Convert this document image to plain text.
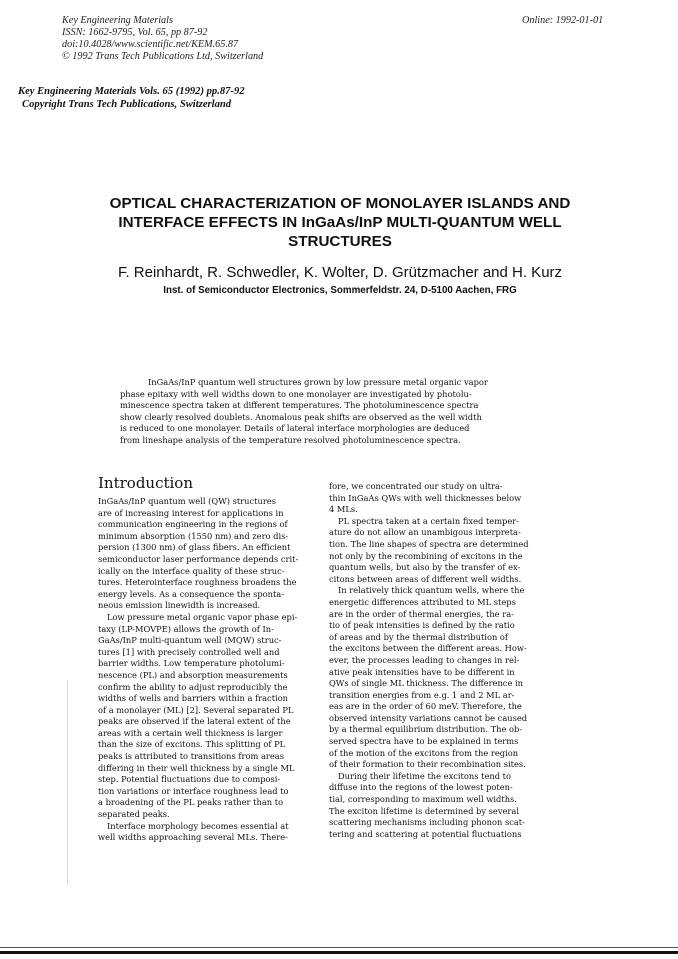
Key Engineering Materials
ISSN: 1662-9795, Vol. 65, pp 87-92
doi:10.4028/www.scientific.net/KEM.65.87
© 1992 Trans Tech Publications Ltd, Switzerland
Online: 1992-01-01
Key Engineering Materials Vols. 65 (1992) pp.87-92
Copyright Trans Tech Publications, Switzerland
OPTICAL CHARACTERIZATION OF MONOLAYER ISLANDS AND
INTERFACE EFFECTS IN InGaAs/InP MULTI-QUANTUM WELL
STRUCTURES
F. Reinhardt, R. Schwedler, K. Wolter, D. Grützmacher and H. Kurz
Inst. of Semiconductor Electronics, Sommerfeldstr. 24, D-5100 Aachen, FRG
InGaAs/InP quantum well structures grown by low pressure metal organic vapor
phase epitaxy with well widths down to one monolayer are investigated by photolu-
minescence spectra taken at different temperatures. The photoluminescence spectra
show clearly resolved doublets. Anomalous peak shifts are observed as the well width
is reduced to one monolayer. Details of lateral interface morphologies are deduced
from lineshape analysis of the temperature resolved photoluminescence spectra.
Introduction
InGaAs/InP quantum well (QW) structures
are of increasing interest for applications in
communication engineering in the regions of
minimum absorption (1550 nm) and zero dis-
persion (1300 nm) of glass fibers. An efficient
semiconductor laser performance depends crit-
ically on the interface quality of these struc-
tures. Heterointerface roughness broadens the
energy levels. As a consequence the sponta-
neous emission linewidth is increased.
Low pressure metal organic vapor phase epi-
taxy (LP-MOVPE) allows the growth of In-
GaAs/InP multi-quantum well (MQW) struc-
tures [1] with precisely controlled well and
barrier widths. Low temperature photolumi-
nescence (PL) and absorption measurements
confirm the ability to adjust reproducibly the
widths of wells and barriers within a fraction
of a monolayer (ML) [2]. Several separated PL
peaks are observed if the lateral extent of the
areas with a certain well thickness is larger
than the size of excitons. This splitting of PL
peaks is attributed to transitions from areas
differing in their well thickness by a single ML
step. Potential fluctuations due to composi-
tion variations or interface roughness lead to
a broadening of the PL peaks rather than to
separated peaks.
Interface morphology becomes essential at
well widths approaching several MLs. There-
fore, we concentrated our study on ultra-
thin InGaAs QWs with well thicknesses below
4 MLs.
PL spectra taken at a certain fixed temper-
ature do not allow an unambigous interpreta-
tion. The line shapes of spectra are determined
not only by the recombining of excitons in the
quantum wells, but also by the transfer of ex-
citons between areas of different well widths.
In relatively thick quantum wells, where the
energetic differences attributed to ML steps
are in the order of thermal energies, the ra-
tio of peak intensities is defined by the ratio
of areas and by the thermal distribution of
the excitons between the different areas. How-
ever, the processes leading to changes in rel-
ative peak intensities have to be different in
QWs of single ML thickness. The difference in
transition energies from e.g. 1 and 2 ML ar-
eas are in the order of 60 meV. Therefore, the
observed intensity variations cannot be caused
by a thermal equilibrium distribution. The ob-
served spectra have to be explained in terms
of the motion of the excitons from the region
of their formation to their recombination sites.
During their lifetime the excitons tend to
diffuse into the regions of the lowest poten-
tial, corresponding to maximum well widths.
The exciton lifetime is determined by several
scattering mechanisms including phonon scat-
tering and scattering at potential fluctuations
